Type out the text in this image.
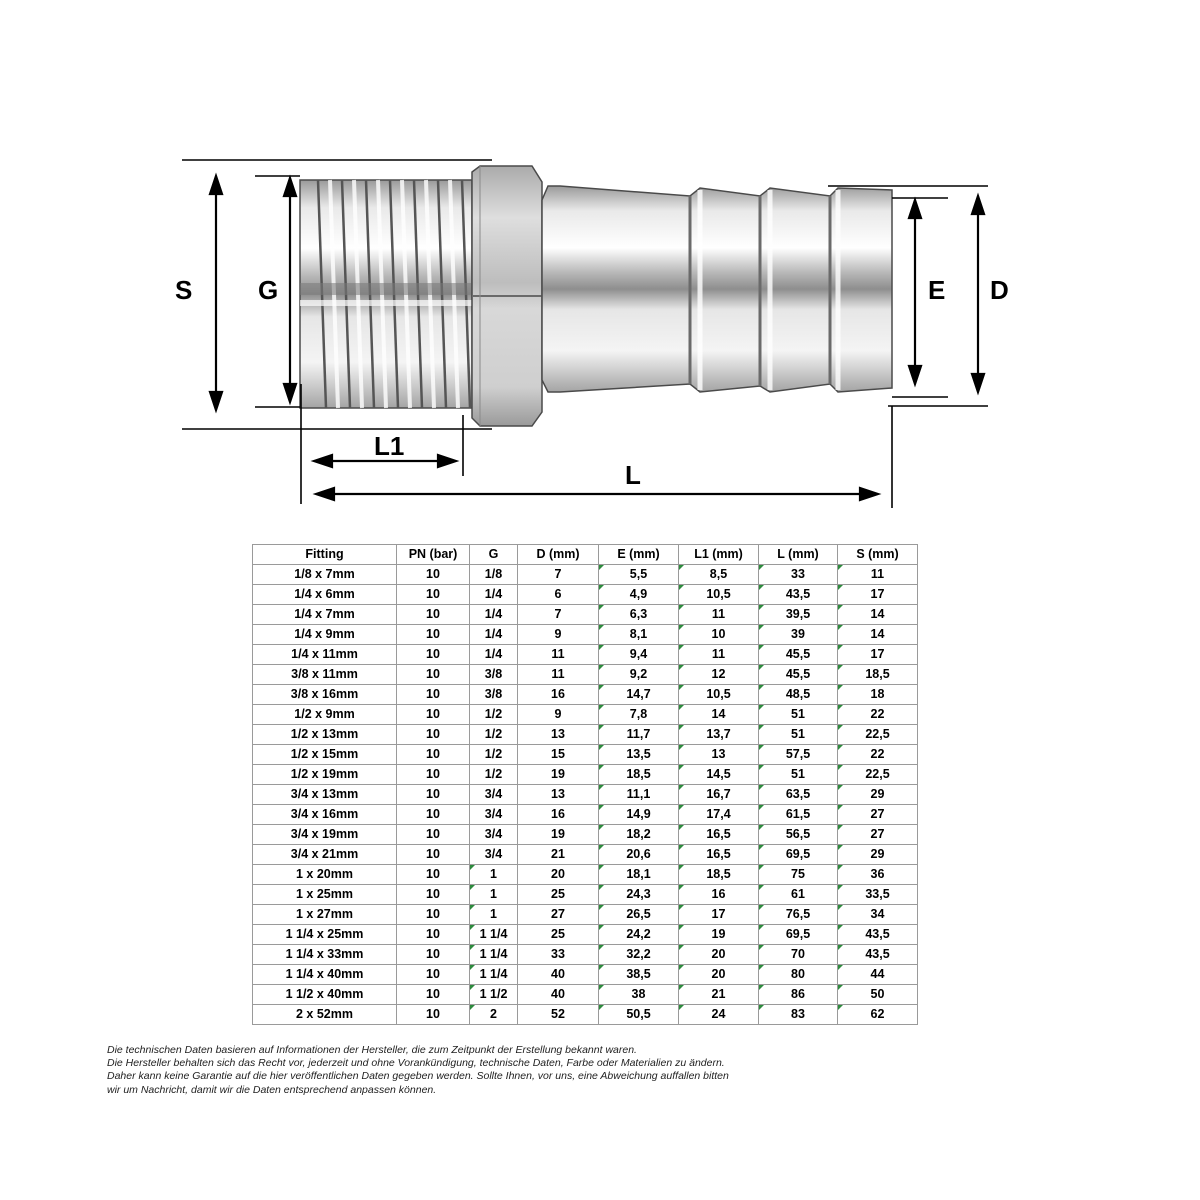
S	G	E D
L1
L
Fitting	PN (bar)	G	D (mm)	E (mm)	L1 (mm)	L (mm)	S (mm)
1/8 x 7mm	10	1/8	7	5,5	8,5	33	11
1/4 x 6mm	10	1/4	6	4,9	10,5	43,5	17
1/4 x 7mm	10	1/4	7	6,3	11	39,5	14
1/4 x 9mm	10	1/4	9	8,1	10	39	14
1/4 x 11mm	10	1/4	11	9,4	11	45,5	17
3/8 x 11mm	10	3/8	11	9,2	12	45,5	18,5
3/8 x 16mm	10	3/8	16	14,7	10,5	48,5	18
1/2 x 9mm	10	1/2	9	7,8	14	51	22
1/2 x 13mm	10	1/2	13	11,7	13,7	51	22,5
1/2 x 15mm	10	1/2	15	13,5	13	57,5	22
1/2 x 19mm	10	1/2	19	18,5	14,5	51	22,5
3/4 x 13mm	10	3/4	13	11,1	16,7	63,5	29
3/4 x 16mm	10	3/4	16	14,9	17,4	61,5	27
3/4 x 19mm	10	3/4	19	18,2	16,5	56,5	27
3/4 x 21mm	10	3/4	21	20,6	16,5	69,5	29
1 x 20mm	10	1	20	18,1	18,5	75	36
1 x 25mm	10	1	25	24,3	16	61	33,5
1 x 27mm	10	1	27	26,5	17	76,5	34
1 1/4 x 25mm	10	1 1/4	25	24,2	19	69,5	43,5
1 1/4 x 33mm	10	1 1/4	33	32,2	20	70	43,5
1 1/4 x 40mm	10	1 1/4	40	38,5	20	80	44
1 1/2 x 40mm	10	1 1/2	40	38	21	86	50
2 x 52mm	10	2	52	50,5	24	83	62
Die technischen Daten basieren auf Informationen der Hersteller, die zum Zeitpunkt der Erstellung bekannt waren.
Die Hersteller behalten sich das Recht vor, jederzeit und ohne Vorankündigung, technische Daten, Farbe oder Materialien zu ändern.
Daher kann keine Garantie auf die hier veröffentlichen Daten gegeben werden. Sollte Ihnen, vor uns, eine Abweichung auffallen bitten
wir um Nachricht, damit wir die Daten entsprechend anpassen können.
